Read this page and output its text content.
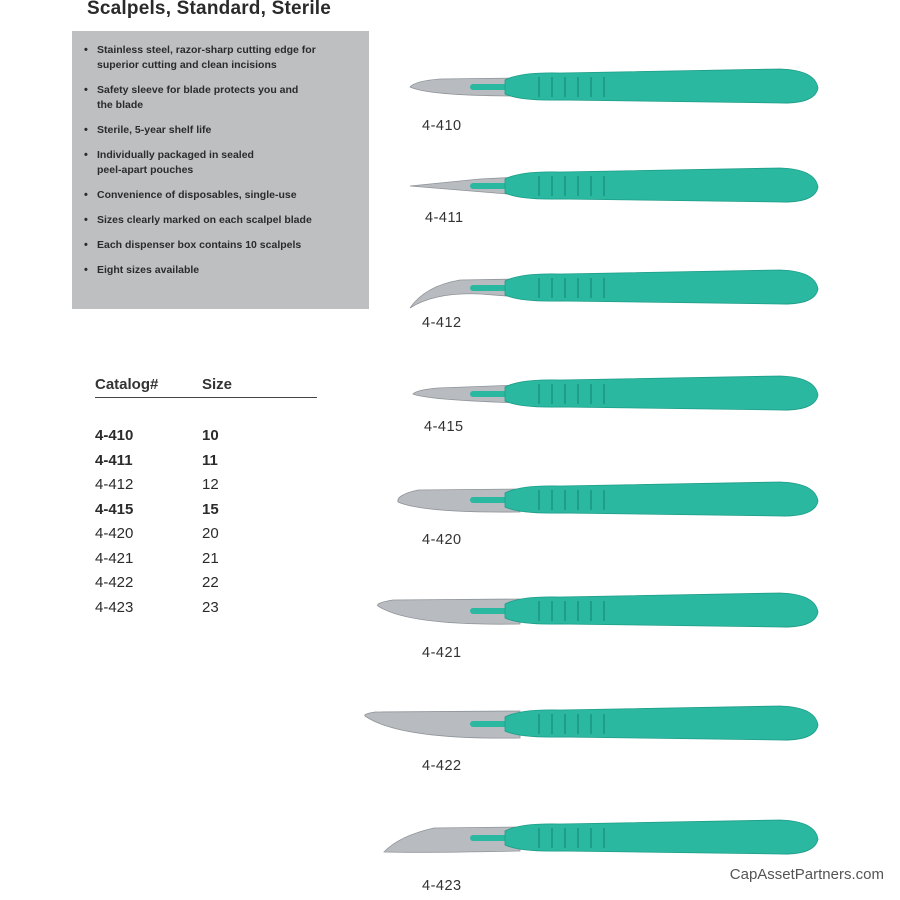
Scalpels, Standard, Sterile
• Stainless steel, razor-sharp cutting edge for
superior cutting and clean incisions
• Safety sleeve for blade protects you and
the blade
• Sterile, 5-year shelf life
• Individually packaged in sealed
peel-apart pouches
• Convenience of disposables, single-use
• Sizes clearly marked on each scalpel blade
• Each dispenser box contains 10 scalpels
• Eight sizes available
Catalog#	Size
4-410	10
4-411	11
4-412	12
4-415	15
4-420	20
4-421	21
4-422	22
4-423	23
4-410
4-411
4-412
4-415
4-420
4-421
4-422
4-423
CapAssetPartners.com
